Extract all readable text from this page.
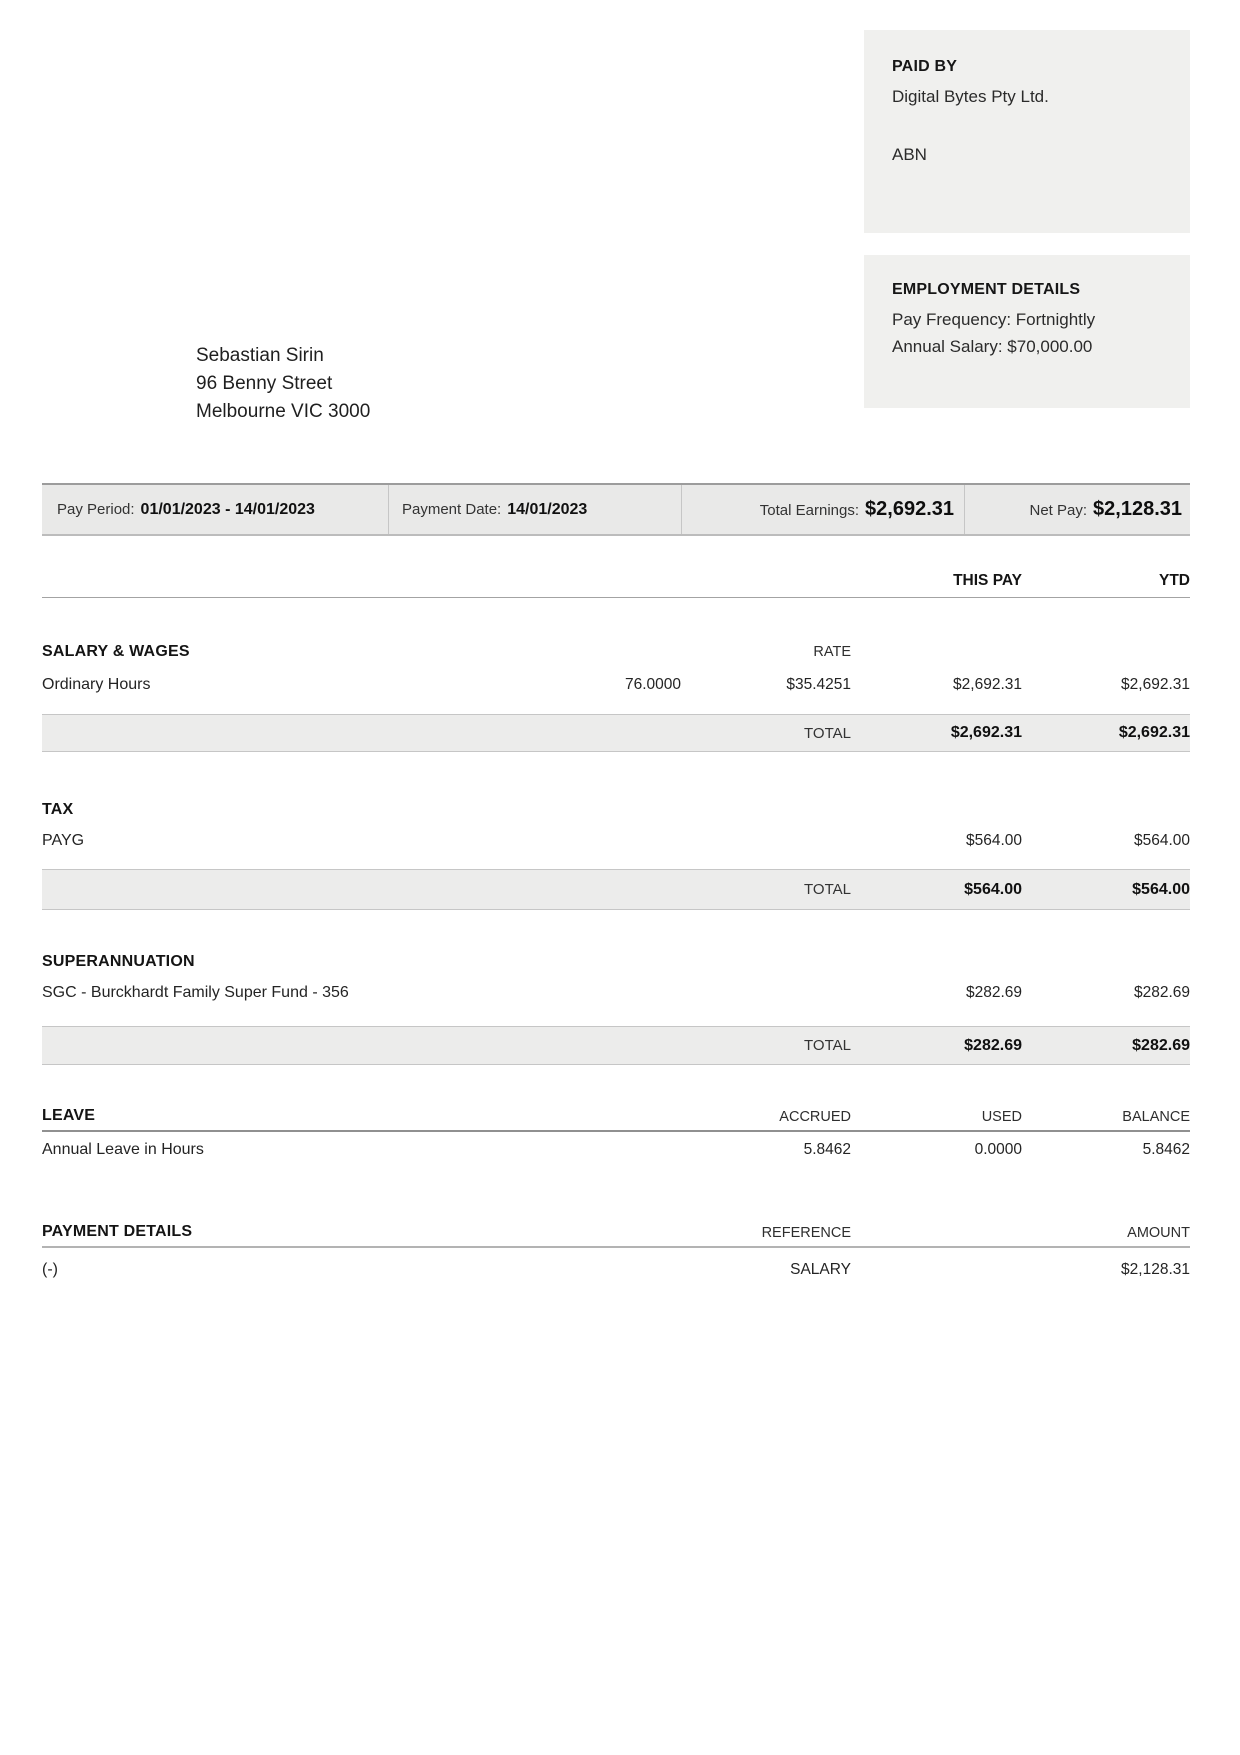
PAID BY
Digital Bytes Pty Ltd.
ABN
EMPLOYMENT DETAILS
Pay Frequency: Fortnightly
Annual Salary: $70,000.00
Sebastian Sirin
96 Benny Street
Melbourne VIC 3000
Pay Period: 01/01/2023 - 14/01/2023	Payment Date: 14/01/2023	Total Earnings: $2,692.31	Net Pay: $2,128.31
THIS PAY	YTD
SALARY & WAGES	RATE
Ordinary Hours	76.0000	$35.4251	$2,692.31	$2,692.31
TOTAL	$2,692.31	$2,692.31
TAX
PAYG	$564.00	$564.00
TOTAL	$564.00	$564.00
SUPERANNUATION
SGC - Burckhardt Family Super Fund - 356	$282.69	$282.69
TOTAL	$282.69	$282.69
LEAVE	ACCRUED	USED	BALANCE
Annual Leave in Hours	5.8462	0.0000	5.8462
PAYMENT DETAILS	REFERENCE	AMOUNT
(-)	SALARY	$2,128.31
